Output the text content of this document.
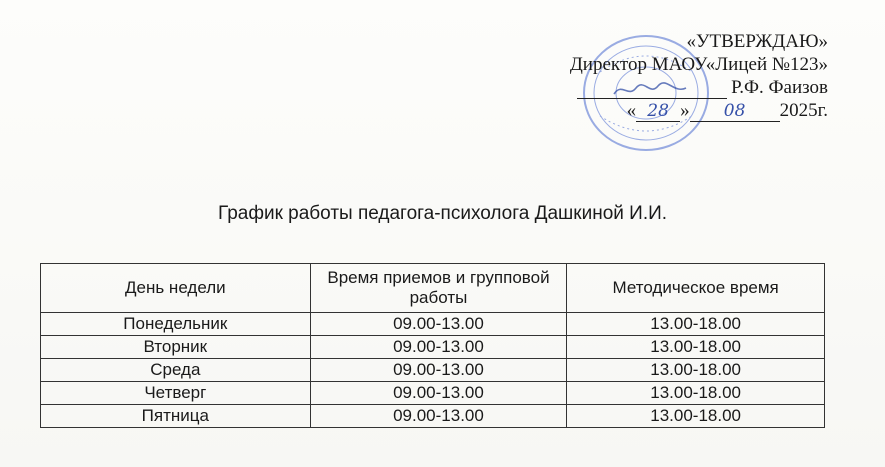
«УТВЕРЖДАЮ»
Директор МАОУ«Лицей №123»
Р.Ф. Фаизов
« 28 »	08	2025г.
График работы педагога-психолога Дашкиной И.И.
День недели	Время приемов и групповой работы	Методическое время
Понедельник	09.00-13.00	13.00-18.00
Вторник	09.00-13.00	13.00-18.00
Среда	09.00-13.00	13.00-18.00
Четверг	09.00-13.00	13.00-18.00
Пятница	09.00-13.00	13.00-18.00
